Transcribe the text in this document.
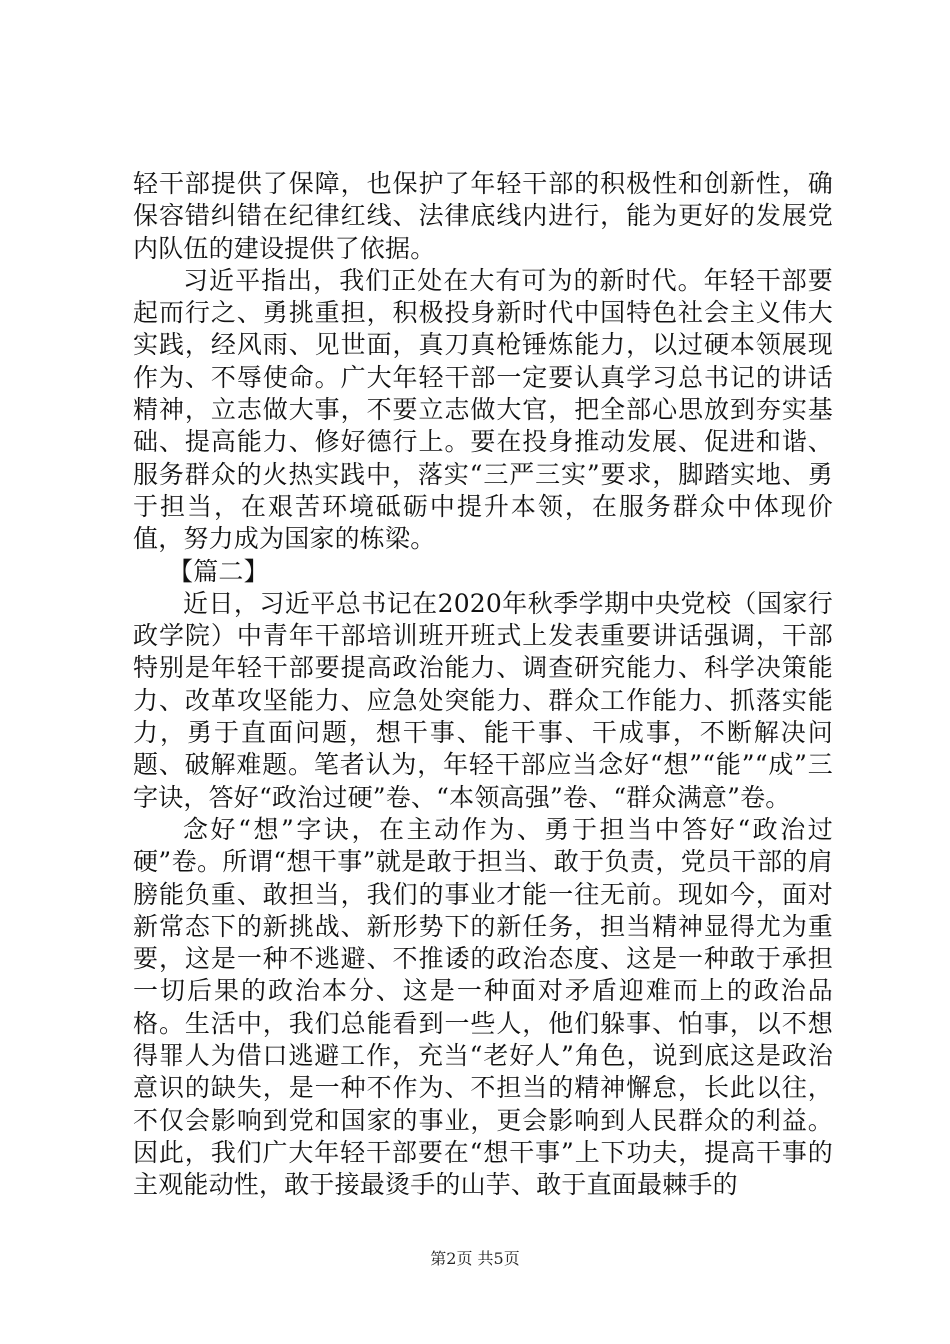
轻干部提供了保障，也保护了年轻干部的积极性和创新性，确保容错纠错在纪律红线、法律底线内进行，能为更好的发展党内队伍的建设提供了依据。

习近平指出，我们正处在大有可为的新时代。年轻干部要起而行之、勇挑重担，积极投身新时代中国特色社会主义伟大实践，经风雨、见世面，真刀真枪锤炼能力，以过硬本领展现作为、不辱使命。广大年轻干部一定要认真学习总书记的讲话精神，立志做大事，不要立志做大官，把全部心思放到夯实基础、提高能力、修好德行上。要在投身推动发展、促进和谐、服务群众的火热实践中，落实“三严三实”要求，脚踏实地、勇于担当，在艰苦环境砥砺中提升本领，在服务群众中体现价值，努力成为国家的栋梁。

【篇二】

近日，习近平总书记在2020年秋季学期中央党校（国家行政学院）中青年干部培训班开班式上发表重要讲话强调，干部特别是年轻干部要提高政治能力、调查研究能力、科学决策能力、改革攻坚能力、应急处突能力、群众工作能力、抓落实能力，勇于直面问题，想干事、能干事、干成事，不断解决问题、破解难题。笔者认为，年轻干部应当念好“想”“能”“成”三字诀，答好“政治过硬”卷、“本领高强”卷、“群众满意”卷。

念好“想”字诀，在主动作为、勇于担当中答好“政治过硬”卷。所谓“想干事”就是敢于担当、敢于负责，党员干部的肩膀能负重、敢担当，我们的事业才能一往无前。现如今，面对新常态下的新挑战、新形势下的新任务，担当精神显得尤为重要，这是一种不逃避、不推诿的政治态度、这是一种敢于承担一切后果的政治本分、这是一种面对矛盾迎难而上的政治品格。生活中，我们总能看到一些人，他们躲事、怕事，以不想得罪人为借口逃避工作，充当“老好人”角色，说到底这是政治意识的缺失，是一种不作为、不担当的精神懈怠，长此以往，不仅会影响到党和国家的事业，更会影响到人民群众的利益。因此，我们广大年轻干部要在“想干事”上下功夫，提高干事的主观能动性，敢于接最烫手的山芋、敢于直面最棘手的

第2页 共5页
